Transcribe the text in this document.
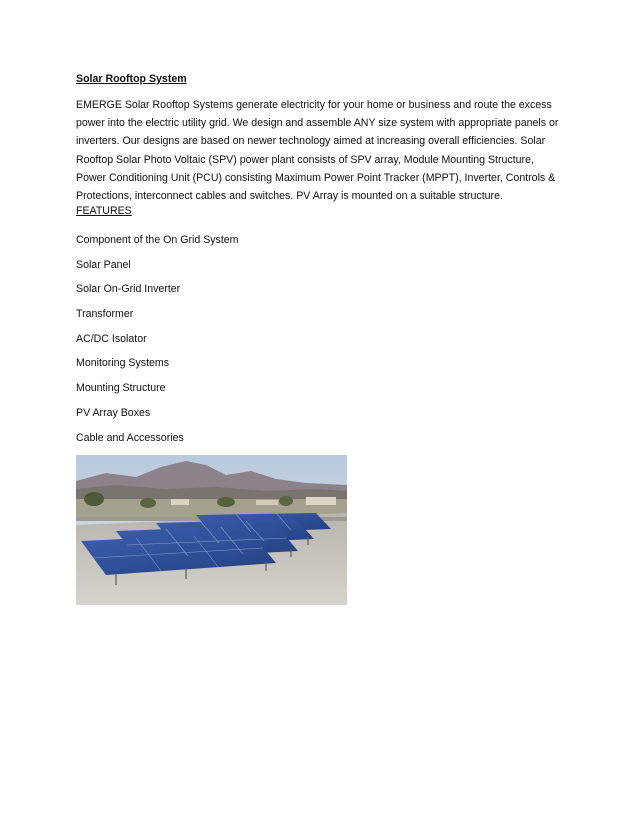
Solar Rooftop System

EMERGE Solar Rooftop Systems generate electricity for your home or business and route the excess power into the electric utility grid. We design and assemble ANY size system with appropriate panels or inverters. Our designs are based on newer technology aimed at increasing overall efficiencies. Solar Rooftop Solar Photo Voltaic (SPV) power plant consists of SPV array, Module Mounting Structure, Power Conditioning Unit (PCU) consisting Maximum Power Point Tracker (MPPT), Inverter, Controls & Protections, interconnect cables and switches. PV Array is mounted on a suitable structure.

FEATURES
Component of the On Grid System
Solar Panel
Solar On-Grid Inverter
Transformer
AC/DC Isolator
Monitoring Systems
Mounting Structure
PV Array Boxes
Cable and Accessories
